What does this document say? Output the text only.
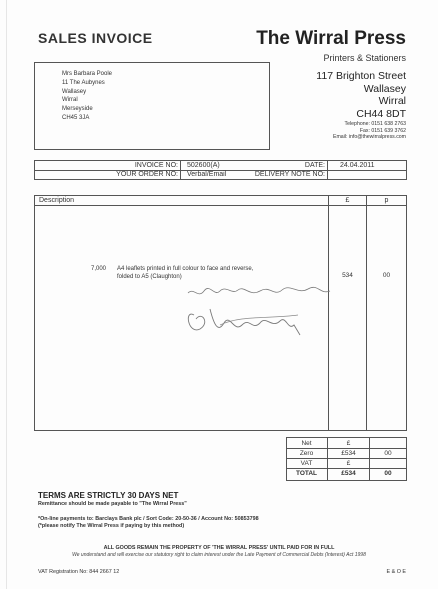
SALES INVOICE	The Wirral Press
Printers & Stationers
Mrs Barbara Poole
11 The Aubynes
Wallasey
Wirral
Merseyside
CH45 3JA
117 Brighton Street
Wallasey
Wirral
CH44 8DT
Telephone: 0151 638 2763
Fax: 0151 639 3762
Email: info@thewirralpress.com
INVOICE NO: 502600(A)
YOUR ORDER NO: Verbal/Email
DATE: 24.04.2011
DELIVERY NOTE NO:
Description	£	p
7,000 A4 leaflets printed in full colour to face and reverse,
folded to A5 (Claughton)	534	00
Net	£
Zero	£534	00
VAT	£
TOTAL	£534	00
TERMS ARE STRICTLY 30 DAYS NET
Remittance should be made payable to "The Wirral Press"
*On-line payments to: Barclays Bank plc / Sort Code: 20-50-36 / Account No: 50853798
(*please notify The Wirral Press if paying by this method)
ALL GOODS REMAIN THE PROPERTY OF 'THE WIRRAL PRESS' UNTIL PAID FOR IN FULL
We understand and will exercise our statutory right to claim interest under the Late Payment of Commercial Debts (Interest) Act 1998
VAT Registration No: 844 2667 12	E & O E
